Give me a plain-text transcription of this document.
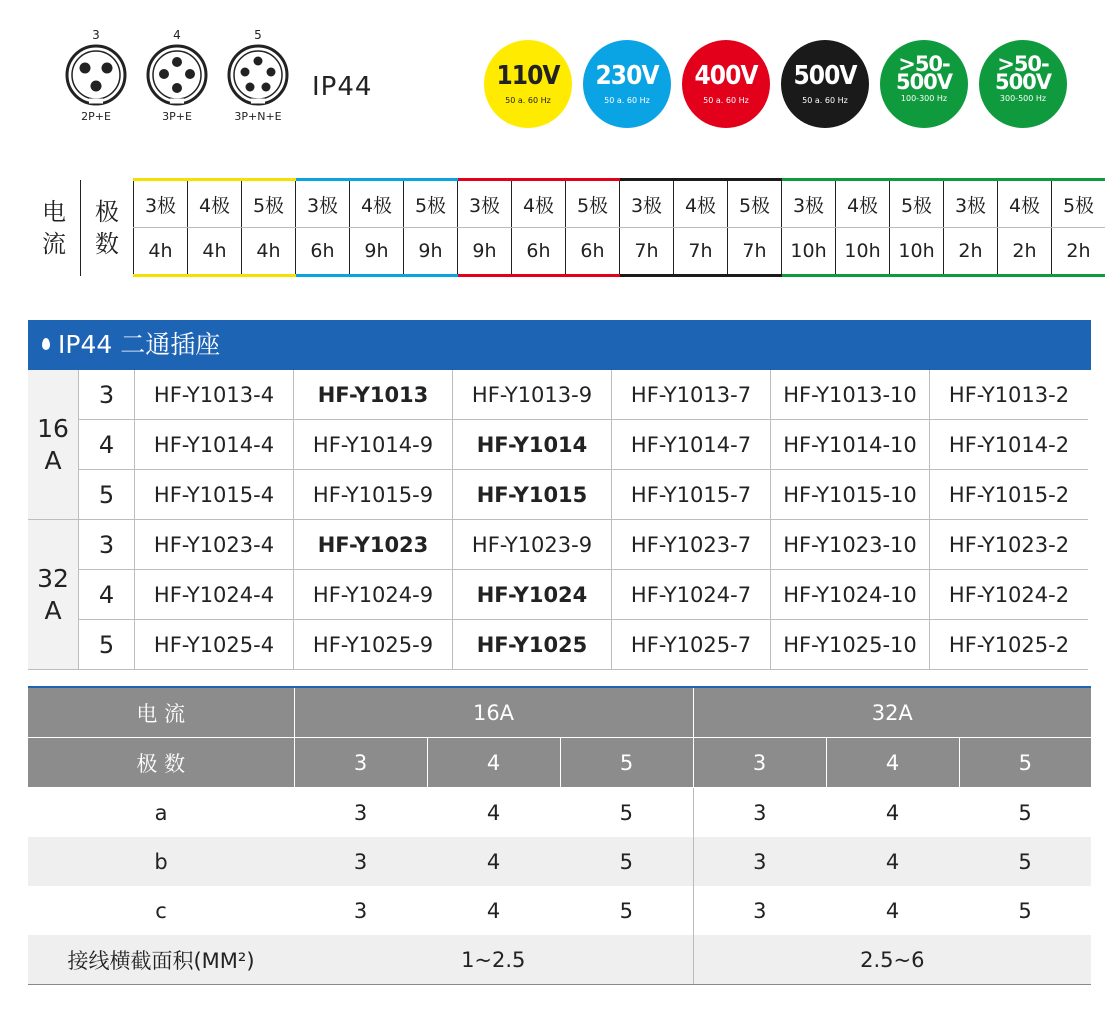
3
2P+E
4
3P+E
5
3P+N+E
IP44	110V
50 a. 60 Hz
230V
50 a. 60 Hz
400V
50 a. 60 Hz
500V
50 a. 60 Hz
>50-
500V
100-300 Hz
>50-
500V
300-500 Hz
电
流	极
数	3极	4极	5极	3极	4极	5极	3极	4极	5极	3极	4极	5极	3极	4极	5极	3极	4极	5极
		4h	4h	4h	6h	9h	9h	9h	6h	6h	7h	7h	7h	10h	10h	10h	2h	2h	2h
IP44 二通插座
16
A	3	HF-Y1013-4	HF-Y1013	HF-Y1013-9	HF-Y1013-7	HF-Y1013-10	HF-Y1013-2
	4	HF-Y1014-4	HF-Y1014-9	HF-Y1014	HF-Y1014-7	HF-Y1014-10	HF-Y1014-2
	5	HF-Y1015-4	HF-Y1015-9	HF-Y1015	HF-Y1015-7	HF-Y1015-10	HF-Y1015-2
32
A	3	HF-Y1023-4	HF-Y1023	HF-Y1023-9	HF-Y1023-7	HF-Y1023-10	HF-Y1023-2
	4	HF-Y1024-4	HF-Y1024-9	HF-Y1024	HF-Y1024-7	HF-Y1024-10	HF-Y1024-2
	5	HF-Y1025-4	HF-Y1025-9	HF-Y1025	HF-Y1025-7	HF-Y1025-10	HF-Y1025-2
电 流	16A			32A		
极 数	3	4	5	3	4	5
a	3	4	5	3	4	5
b	3	4	5	3	4	5
c	3	4	5	3	4	5
接线横截面积(MM²)	1~2.5			2.5~6		
